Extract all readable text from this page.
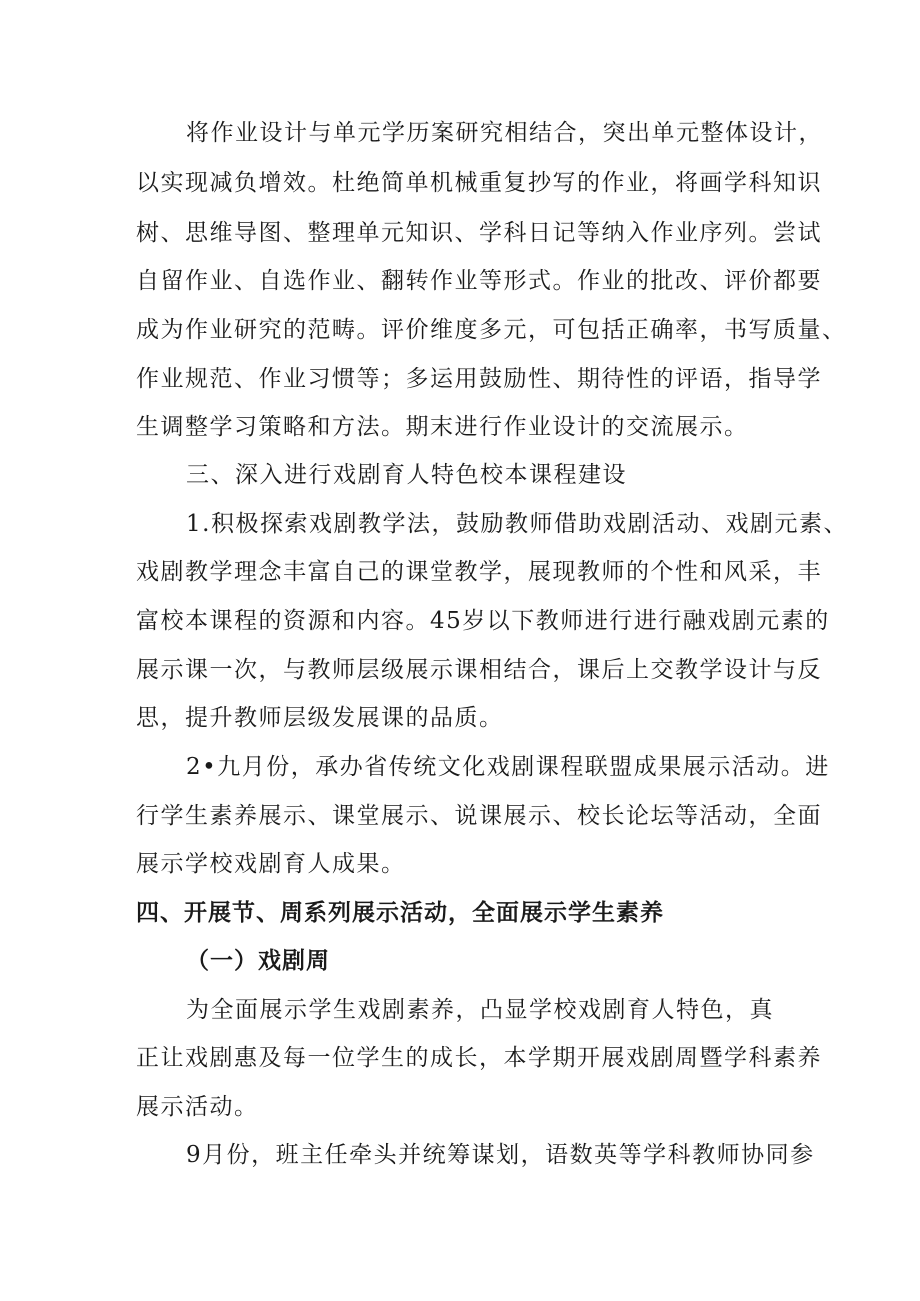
将作业设计与单元学历案研究相结合，突出单元整体设计，
以实现减负增效。杜绝简单机械重复抄写的作业，将画学科知识
树、思维导图、整理单元知识、学科日记等纳入作业序列。尝试
自留作业、自选作业、翻转作业等形式。作业的批改、评价都要
成为作业研究的范畴。评价维度多元，可包括正确率，书写质量、
作业规范、作业习惯等；多运用鼓励性、期待性的评语，指导学
生调整学习策略和方法。期末进行作业设计的交流展示。
三、深入进行戏剧育人特色校本课程建设
1.积极探索戏剧教学法，鼓励教师借助戏剧活动、戏剧元素、
戏剧教学理念丰富自己的课堂教学，展现教师的个性和风采，丰
富校本课程的资源和内容。45岁以下教师进行进行融戏剧元素的
展示课一次，与教师层级展示课相结合，课后上交教学设计与反
思，提升教师层级发展课的品质。
2•九月份，承办省传统文化戏剧课程联盟成果展示活动。进
行学生素养展示、课堂展示、说课展示、校长论坛等活动，全面
展示学校戏剧育人成果。
四、开展节、周系列展示活动，全面展示学生素养
（一）戏剧周
为全面展示学生戏剧素养，凸显学校戏剧育人特色，真
正让戏剧惠及每一位学生的成长，本学期开展戏剧周暨学科素养
展示活动。
9月份，班主任牵头并统筹谋划，语数英等学科教师协同参
